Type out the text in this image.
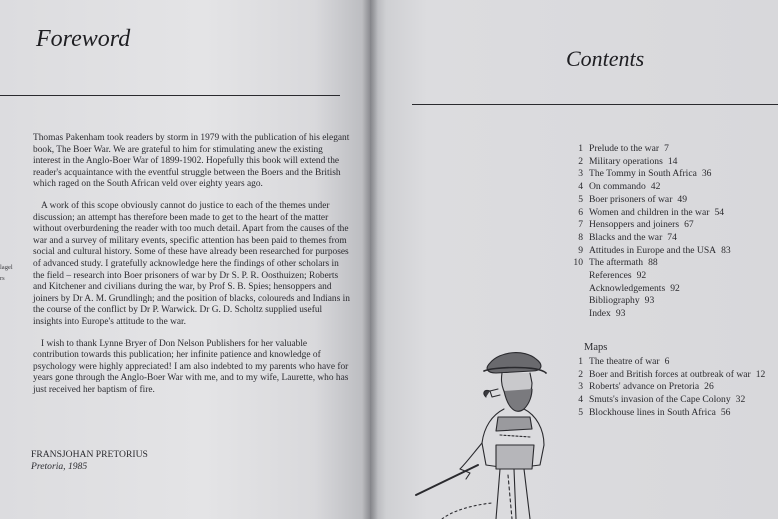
Foreword

Thomas Pakenham took readers by storm in 1979 with the publication of his elegant book, The Boer War. We are grateful to him for stimulating anew the existing interest in the Anglo-Boer War of 1899-1902. Hopefully this book will extend the reader's acquaintance with the eventful struggle between the Boers and the British which raged on the South African veld over eighty years ago.

A work of this scope obviously cannot do justice to each of the themes under discussion; an attempt has therefore been made to get to the heart of the matter without overburdening the reader with too much detail. Apart from the causes of the war and a survey of military events, specific attention has been paid to themes from social and cultural history. Some of these have already been researched for purposes of advanced study. I gratefully acknowledge here the findings of other scholars in the field – research into Boer prisoners of war by Dr S. P. R. Oosthuizen; Roberts and Kitchener and civilians during the war, by Prof S. B. Spies; hensoppers and joiners by Dr A. M. Grundlingh; and the position of blacks, coloureds and Indians in the course of the conflict by Dr P. Warwick. Dr G. D. Scholtz supplied useful insights into Europe's attitude to the war.

I wish to thank Lynne Bryer of Don Nelson Publishers for her valuable contribution towards this publication; her infinite patience and knowledge of psychology were highly appreciated! I am also indebted to my parents who have for years gone through the Anglo-Boer War with me, and to my wife, Laurette, who has just received her baptism of fire.

FRANSJOHAN PRETORIUS
Pretoria, 1985
lagel
rs
Contents
1 Prelude to the war 7
2 Military operations 14
3 The Tommy in South Africa 36
4 On commando 42
5 Boer prisoners of war 49
6 Women and children in the war 54
7 Hensoppers and joiners 67
8 Blacks and the war 74
9 Attitudes in Europe and the USA 83
10 The aftermath 88
References 92
Acknowledgements 92
Bibliography 93
Index 93
Maps
1 The theatre of war 6
2 Boer and British forces at outbreak of war 12
3 Roberts' advance on Pretoria 26
4 Smuts's invasion of the Cape Colony 32
5 Blockhouse lines in South Africa 56
